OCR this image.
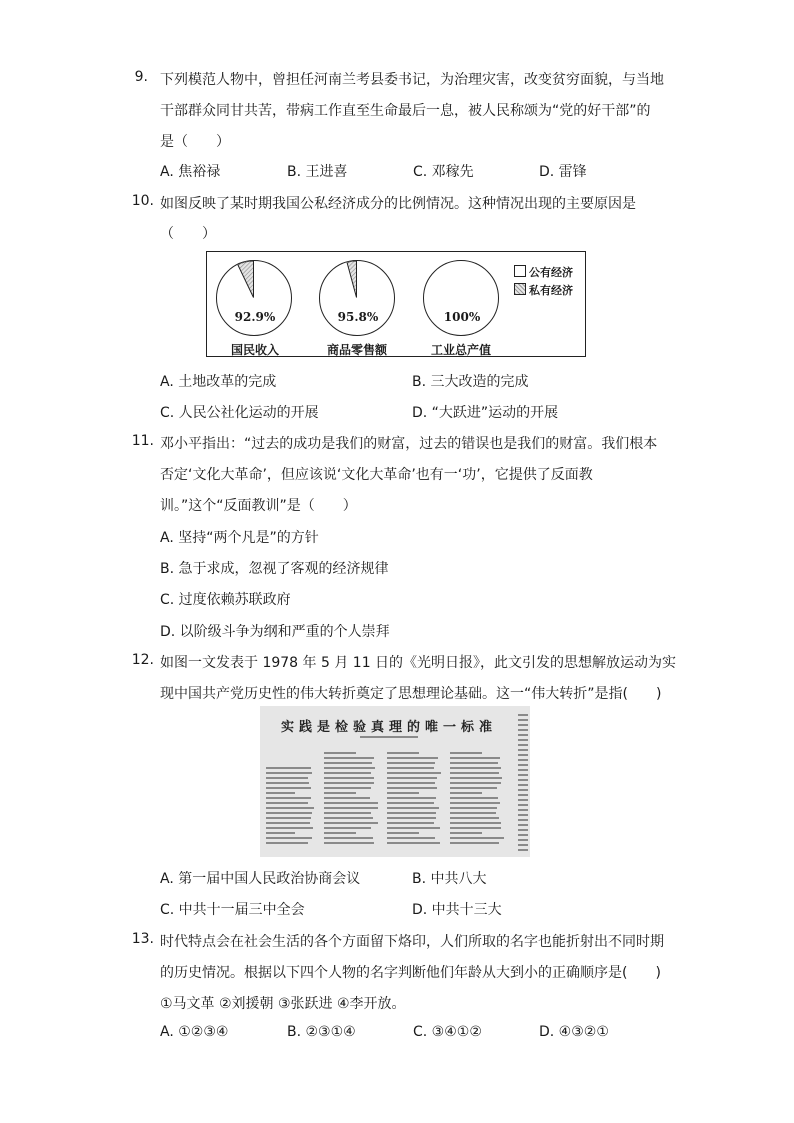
9. 下列模范人物中，曾担任河南兰考县委书记，为治理灾害，改变贫穷面貌，与当地
干部群众同甘共苦，带病工作直至生命最后一息，被人民称颂为“党的好干部”的
是（　　）
A. 焦裕禄	B. 王进喜	C. 邓稼先	D. 雷锋
10. 如图反映了某时期我国公私经济成分的比例情况。这种情况出现的主要原因是
（　　）
92.9%
国民收入
95.8%
商品零售额
100%
工业总产值
公有经济
私有经济
A. 土地改革的完成	B. 三大改造的完成
C. 人民公社化运动的开展	D. “大跃进”运动的开展
11. 邓小平指出：“过去的成功是我们的财富，过去的错误也是我们的财富。我们根本
否定‘文化大革命’，但应该说‘文化大革命’也有一‘功’，它提供了反面教
训。”这个“反面教训”是（　　）
A. 坚持“两个凡是”的方针
B. 急于求成，忽视了客观的经济规律
C. 过度依赖苏联政府
D. 以阶级斗争为纲和严重的个人崇拜
12. 如图一文发表于 1978 年 5 月 11 日的《光明日报》，此文引发的思想解放运动为实
现中国共产党历史性的伟大转折奠定了思想理论基础。这一“伟大转折”是指(　　)
实践是检验真理的唯一标准
A. 第一届中国人民政治协商会议	B. 中共八大
C. 中共十一届三中全会	D. 中共十三大
13. 时代特点会在社会生活的各个方面留下烙印，人们所取的名字也能折射出不同时期
的历史情况。根据以下四个人物的名字判断他们年龄从大到小的正确顺序是(　　)
①马文革 ②刘援朝 ③张跃进 ④李开放。
A. ①②③④	B. ②③①④	C. ③④①②	D. ④③②①
